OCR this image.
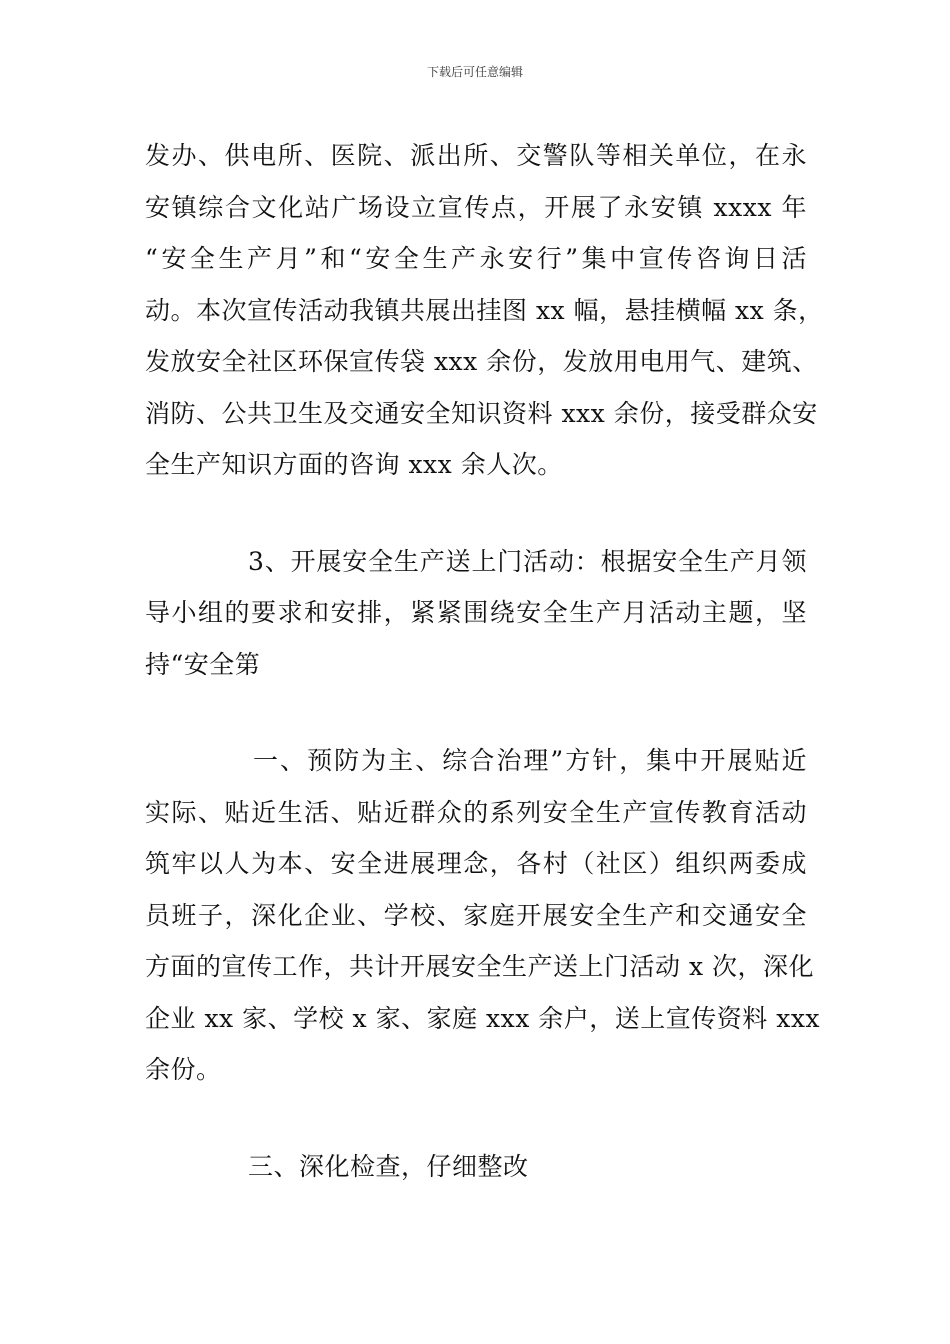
下载后可任意编辑
发办、供电所、医院、派出所、交警队等相关单位，在永
安镇综合文化站广场设立宣传点，开展了永安镇 xxxx 年
“安全生产月”和“安全生产永安行”集中宣传咨询日活
动。本次宣传活动我镇共展出挂图 xx 幅，悬挂横幅 xx 条，
发放安全社区环保宣传袋 xxx 余份，发放用电用气、建筑、
消防、公共卫生及交通安全知识资料 xxx 余份，接受群众安
全生产知识方面的咨询 xxx 余人次。
3、开展安全生产送上门活动：根据安全生产月领
导小组的要求和安排，紧紧围绕安全生产月活动主题，坚
持“安全第
一、预防为主、综合治理”方针，集中开展贴近
实际、贴近生活、贴近群众的系列安全生产宣传教育活动
筑牢以人为本、安全进展理念，各村（社区）组织两委成
员班子，深化企业、学校、家庭开展安全生产和交通安全
方面的宣传工作，共计开展安全生产送上门活动 x 次，深化
企业 xx 家、学校 x 家、家庭 xxx 余户，送上宣传资料 xxx
余份。
三、深化检查，仔细整改
